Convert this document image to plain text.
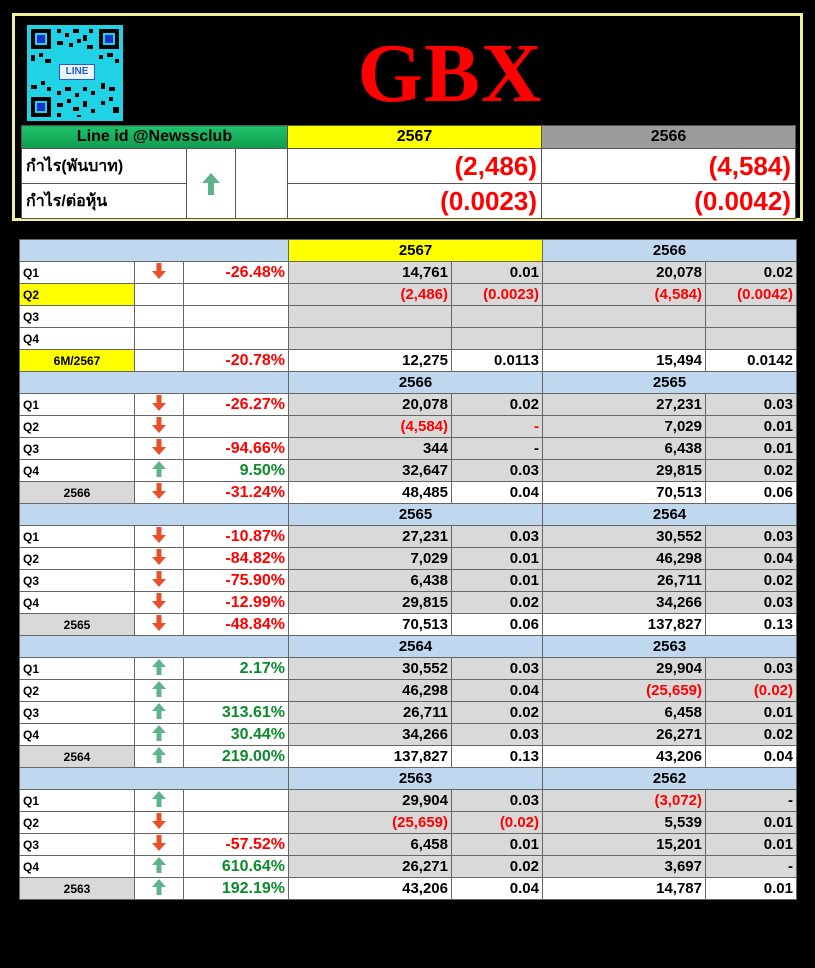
LINE	GBX
Line id @Newssclub		2567	2566
กำไร(พันบาท)		(2,486)	(4,584)
กำไร/ต่อหุ้น		(0.0023)	(0.0042)
			2567		2566	
Q1		-26.48%	14,761	0.01	20,078	0.02
Q2			(2,486)	(0.0023)	(4,584)	(0.0042)
Q3						
Q4						
6M/2567		-20.78%	12,275	0.0113	15,494	0.0142
			2566		2565	
Q1		-26.27%	20,078	0.02	27,231	0.03
Q2			(4,584)	-	7,029	0.01
Q3		-94.66%	344	-	6,438	0.01
Q4		9.50%	32,647	0.03	29,815	0.02
2566		-31.24%	48,485	0.04	70,513	0.06
			2565		2564	
Q1		-10.87%	27,231	0.03	30,552	0.03
Q2		-84.82%	7,029	0.01	46,298	0.04
Q3		-75.90%	6,438	0.01	26,711	0.02
Q4		-12.99%	29,815	0.02	34,266	0.03
2565		-48.84%	70,513	0.06	137,827	0.13
			2564		2563	
Q1		2.17%	30,552	0.03	29,904	0.03
Q2			46,298	0.04	(25,659)	(0.02)
Q3		313.61%	26,711	0.02	6,458	0.01
Q4		30.44%	34,266	0.03	26,271	0.02
2564		219.00%	137,827	0.13	43,206	0.04
			2563		2562	
Q1			29,904	0.03	(3,072)	-
Q2			(25,659)	(0.02)	5,539	0.01
Q3		-57.52%	6,458	0.01	15,201	0.01
Q4		610.64%	26,271	0.02	3,697	-
2563		192.19%	43,206	0.04	14,787	0.01
